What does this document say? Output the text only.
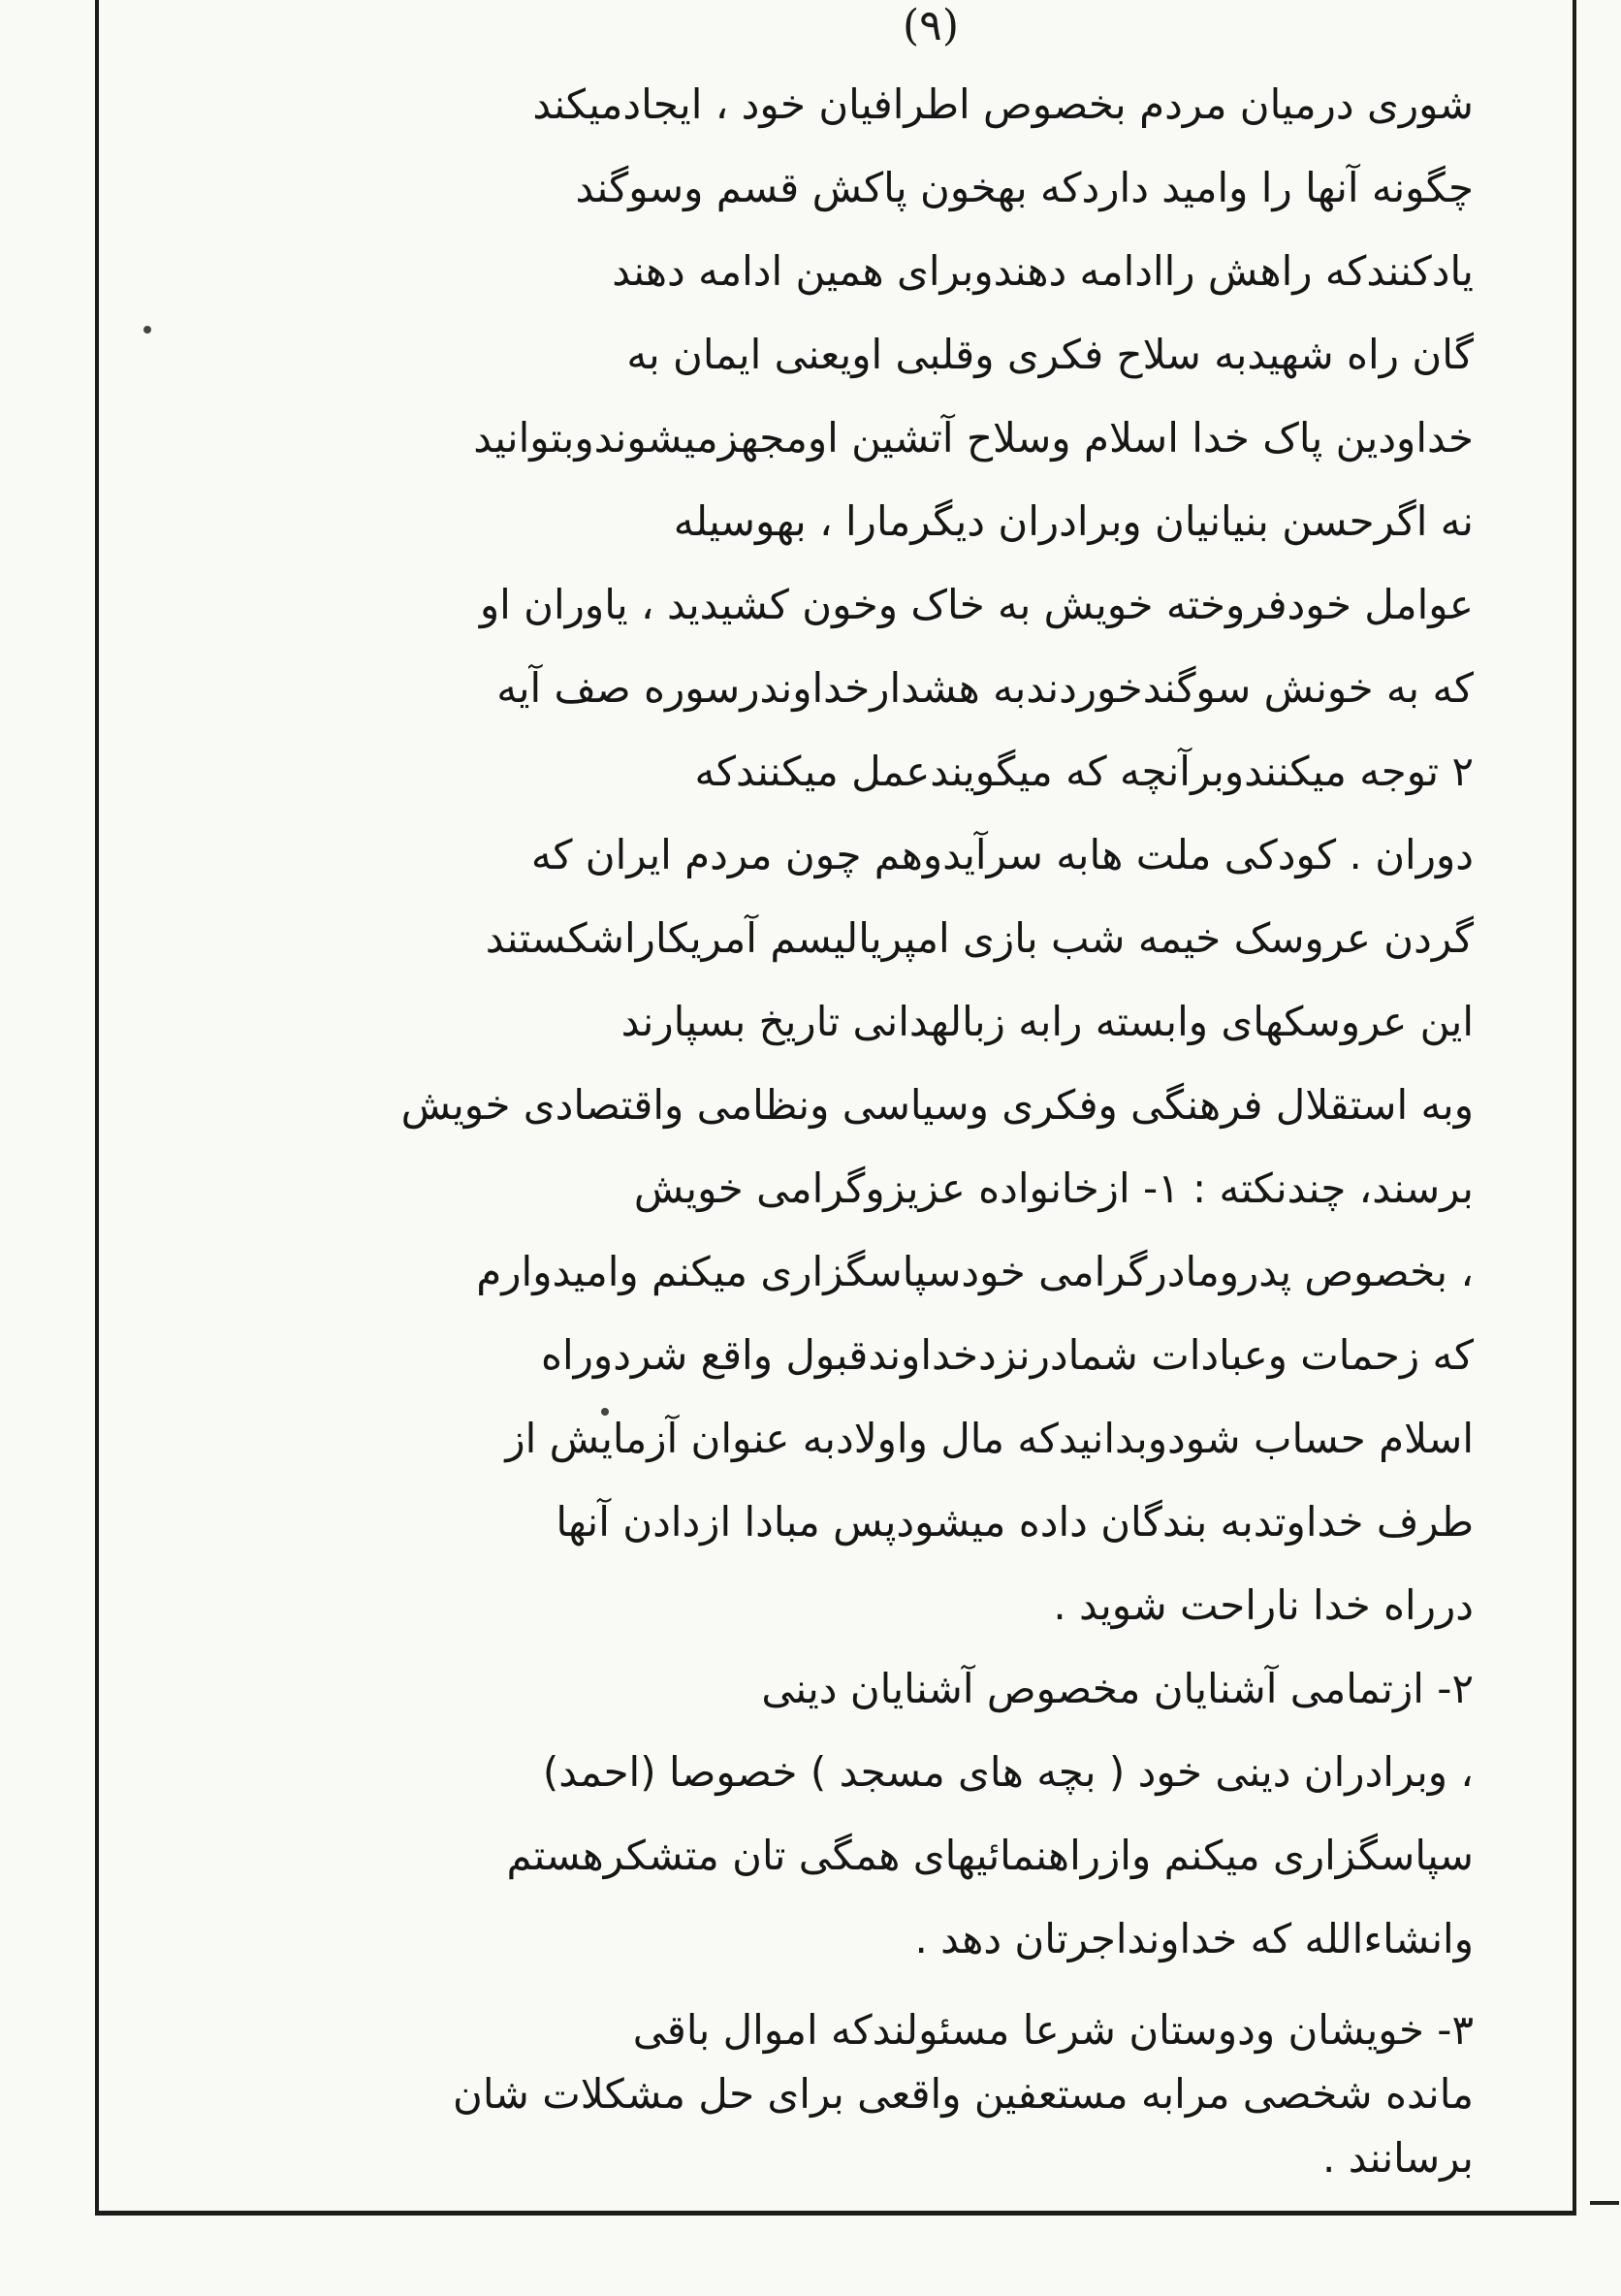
(۹)
شوری درمیان مردم بخصوص اطرافیان خود ، ایجادمیکند
چگونه آنها را وامید داردکه بهخون پاکش قسم وسوگند
یادکنندکه راهش راادامه دهندوبرای همین ادامه دهند
گان راه شهیدبه سلاح فکری وقلبی اویعنی ایمان به
خداودین پاک خدا اسلام وسلاح آتشین اومجهزمیشوندوبتوانید
نه اگرحسن بنیانیان وبرادران دیگرمارا ، بهوسیله
عوامل خودفروخته خویش به خاک وخون کشیدید ، یاوران او
که به خونش سوگندخوردندبه هشدارخداوندرسوره صف آیه
۲ توجه میکنندوبرآنچه که میگویندعمل میکنندکه
دوران . کودکی ملت هابه سرآیدوهم چون مردم ایران که
گردن عروسک خیمه شب بازی امپریالیسم آمریکاراشکستند
این عروسکهای وابسته رابه زبالهدانی تاریخ بسپارند
وبه استقلال فرهنگی وفکری وسیاسی ونظامی واقتصادی خویش
برسند، چندنکته : ۱- ازخانواده عزیزوگرامی خویش
، بخصوص پدرومادرگرامی خودسپاسگزاری میکنم وامیدوارم
که زحمات وعبادات شمادرنزدخداوندقبول واقع شردوراه
اسلام حساب شودوبدانیدکه مال واولادبه عنوان آزمایش از
طرف خداوتدبه بندگان داده میشودپس مبادا ازدادن آنها
درراه خدا ناراحت شوید .
۲- ازتمامی آشنایان مخصوص آشنایان دینی
، وبرادران دینی خود ( بچه های مسجد ) خصوصا (احمد)
سپاسگزاری میکنم وازراهنمائیهای همگی تان متشکرهستم
وانشاءالله که خداونداجرتان دهد .
۳- خویشان ودوستان شرعا مسئولندکه اموال باقی
مانده شخصی مرابه مستعفین واقعی برای حل مشکلات شان
برسانند .
